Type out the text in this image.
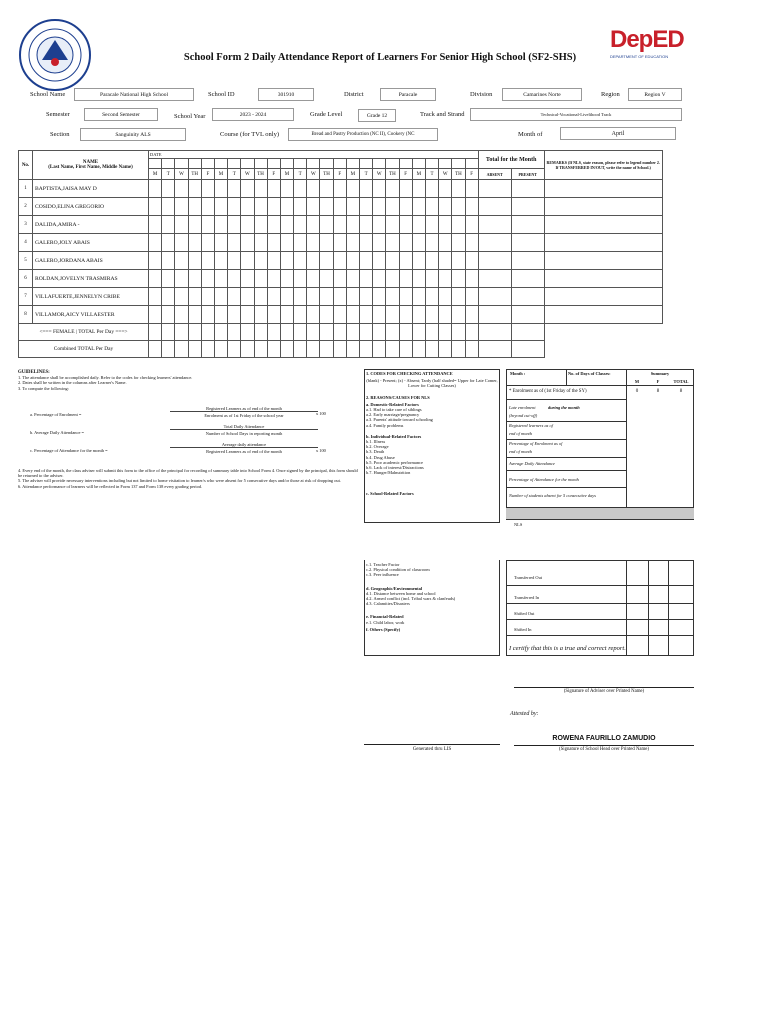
School Form 2 Daily Attendance Report of Learners For Senior High School (SF2-SHS)
DepED
DEPARTMENT OF EDUCATION
School Name	Paracale National High School	School ID	301910	District	Paracale	Division	Camarines Norte	Region	Region V
Semester	Second Semester	School Year	2023 - 2024	Grade Level	Grade 12	Track and Strand	Technical-Vocational-Livelihood Track
Section	Sanguinity ALS	Course (for TVL only)	Bread and Pastry Production (NC II), Cookery (NC	Month of	April
No.	NAME
(Last Name, First Name, Middle Name)	DATE																									Total for the Month		REMARKS (If NLS, state reason, please refer to legend number 2. If TRANSFERRED IN/OUT, write the name of School.)

		M	T	W	TH	F	M	T	W	TH	F	M	T	W	TH	F	M	T	W	TH	F	M	T	W	TH	F	ABSENT	PRESENT	
1	BAPTISTA,JAISA MAY D																												
2	COSIDO,ELINA GREGORIO																												
3	DALIDA,AMIRA -																												
4	GALERO,JOLY ABAIS																												
5	GALERO,JORDANA ABAIS																												
6	ROLDAN,JOVELYN TRASMIRAS																												
7	VILLAFUERTE,JENNELYN CRIBE																												
8	VILLAMOR,AICY VILLAESTER																												
<=== FEMALE | TOTAL Per Day ===>																													
Combined TOTAL Per Day																													
GUIDELINES:
1. The attendance shall be accomplished daily. Refer to the codes for checking learners' attendance.
2. Dates shall be written in the columns after Learner's Name.
3. To compute the following:
a. Percentage of Enrolment =
Registered Learners as of end of the month
Enrolment as of 1st Friday of the school year	x 100
b. Average Daily Attendance =
Total Daily Attendance
Number of School Days in reporting month
c. Percentage of Attendance for the month =
Average daily attendance
Registered Learners as of end of the month	x 100
4. Every end of the month, the class adviser will submit this form to the office of the principal for recording of summary table into School Form 4. Once signed by the principal, this form should be returned to the adviser.
5. The adviser will provide necessary interventions including but not limited to home visitation to learner/s who were absent for 5 consecutive days and/or those at risk of dropping out.
6. Attendance performance of learners will be reflected in Form 137 and Form 138 every grading period.
1. CODES FOR CHECKING ATTENDANCE
(blank) - Present; (x) - Absent; Tardy (half shaded= Upper for Late Comer, Lower for Cutting Classes)
2. REASONS/CAUSES FOR NLS
a. Domestic-Related Factors
a.1. Had to take care of siblings
a.2. Early marriage/pregnancy
a.3. Parents' attitude toward schooling
a.4. Family problems
b. Individual-Related Factors
b.1. Illness
b.2. Overage
b.3. Death
b.4. Drug Abuse
b.5. Poor academic performance
b.6. Lack of interest/Distractions
b.7. Hunger/Malnutrition
c. School-Related Factors
c.1. Teacher Factor
c.2. Physical condition of classroom
c.3. Peer influence
d. Geographic/Environmental
d.1. Distance between home and school
d.2. Armed conflict (incl. Tribal wars & clanfeuds)
d.3. Calamities/Disasters
e. Financial-Related
e.1. Child labor, work
f. Others (Specify)
Generated thru LIS
Month :	No. of Days of Classes:	Summary
M	F	TOTAL
* Enrolment as of (1st Friday of the SY)	0	8	8
Late enrolment	during the month
(beyond cut-off)
Registered learners as of
end of month
Percentage of Enrolment as of
end of month
Average Daily Attendance
Percentage of Attendance for the month
Number of students absent for 5 consecutive days
NLS
Transferred Out
Transferred In
Shifted Out
Shifted In
I certify that this is a true and correct report.
(Signature of Adviser over Printed Name)
Attested by:
ROWENA FAURILLO ZAMUDIO
(Signature of School Head over Printed Name)
